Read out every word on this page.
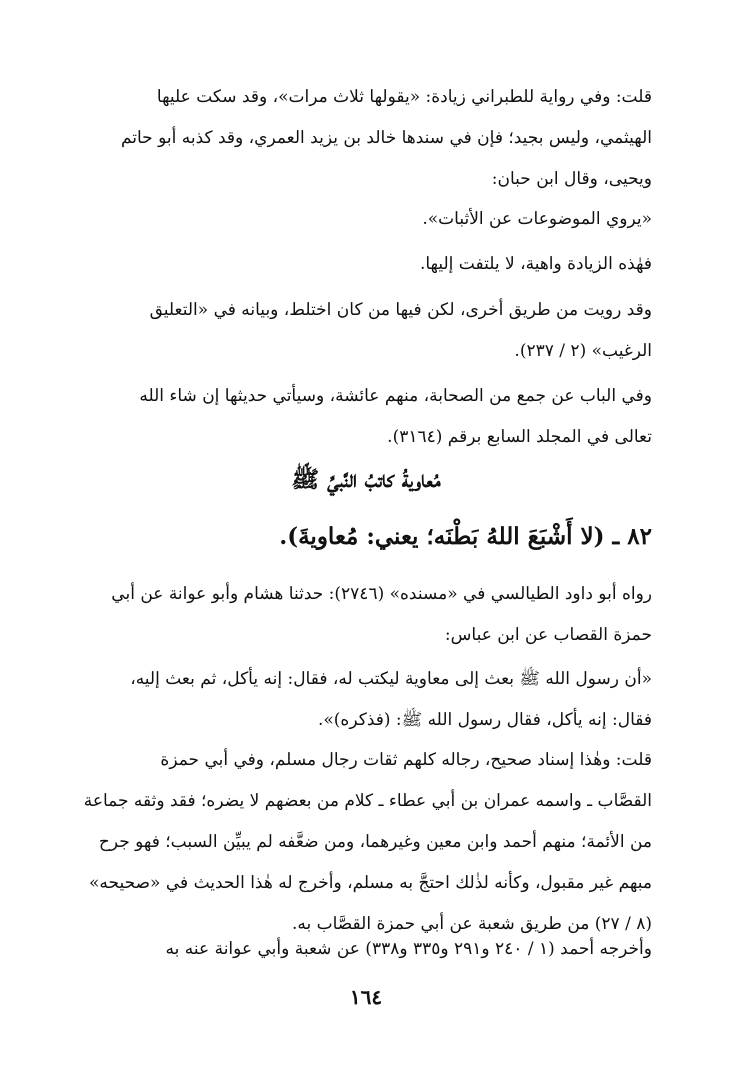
قلت: وفي رواية للطبراني زيادة: «يقولها ثلاث مرات»، وقد سكت عليها
الهيثمي، وليس بجيد؛ فإن في سندها خالد بن يزيد العمري، وقد كذبه أبو حاتم
ويحيى، وقال ابن حبان:

«يروي الموضوعات عن الأثبات».

فهٰذه الزيادة واهية، لا يلتفت إليها.

وقد رويت من طريق أخرى، لكن فيها من كان اختلط، وبيانه في «التعليق
الرغيب» (٢ / ٢٣٧).

وفي الباب عن جمع من الصحابة، منهم عائشة، وسيأتي حديثها إن شاء الله
تعالى في المجلد السابع برقم (٣١٦٤).

مُعاويةُ كاتبُ النَّبيِّ ﷺ
٨٢ ـ (لا أَشْبَعَ اللهُ بَطْنَه؛ يعني: مُعاويةَ).

رواه أبو داود الطيالسي في «مسنده» (٢٧٤٦): حدثنا هشام وأبو عوانة عن أبي
حمزة القصاب عن ابن عباس:

«أن رسول الله ﷺ بعث إلى معاوية ليكتب له، فقال: إنه يأكل، ثم بعث إليه،
فقال: إنه يأكل، فقال رسول الله ﷺ: (فذكره)».

قلت: وهٰذا إسناد صحيح، رجاله كلهم ثقات رجال مسلم، وفي أبي حمزة
القصَّاب ـ واسمه عمران بن أبي عطاء ـ كلام من بعضهم لا يضره؛ فقد وثقه جماعة
من الأئمة؛ منهم أحمد وابن معين وغيرهما، ومن ضعَّفه لم يبيِّن السبب؛ فهو جرح
مبهم غير مقبول، وكأنه لذٰلك احتجَّ به مسلم، وأخرج له هٰذا الحديث في «صحيحه»
(٨ / ٢٧) من طريق شعبة عن أبي حمزة القصَّاب به.

وأخرجه أحمد (١ / ٢٤٠ و٢٩١ و٣٣٥ و٣٣٨) عن شعبة وأبي عوانة عنه به

١٦٤
